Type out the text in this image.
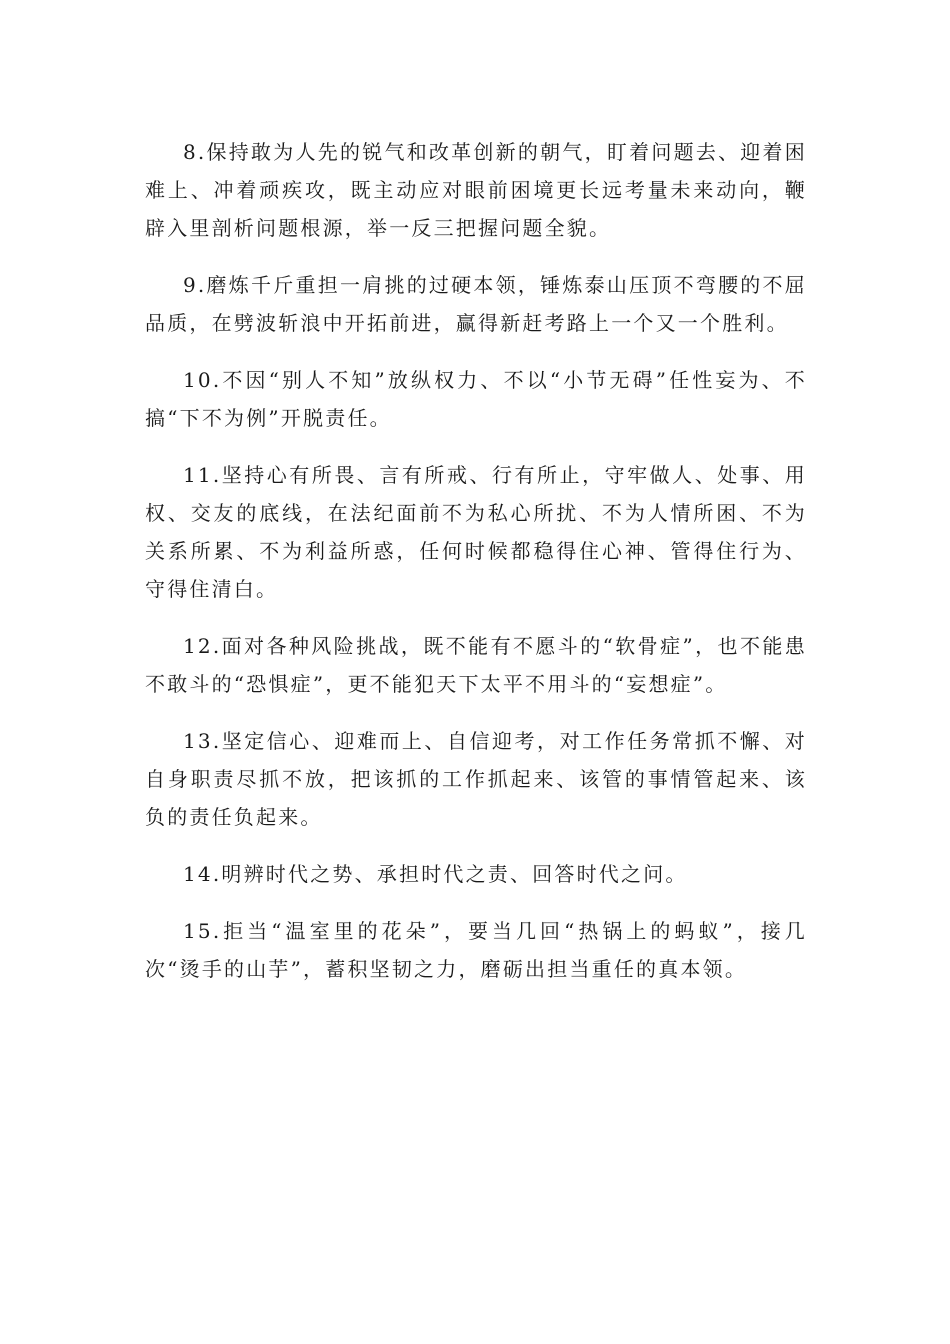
8.保持敢为人先的锐气和改革创新的朝气，盯着问题去、迎着困难上、冲着顽疾攻，既主动应对眼前困境更长远考量未来动向，鞭辟入里剖析问题根源，举一反三把握问题全貌。

9.磨炼千斤重担一肩挑的过硬本领，锤炼泰山压顶不弯腰的不屈品质，在劈波斩浪中开拓前进，赢得新赶考路上一个又一个胜利。

10.不因“别人不知”放纵权力、不以“小节无碍”任性妄为、不搞“下不为例”开脱责任。

11.坚持心有所畏、言有所戒、行有所止，守牢做人、处事、用权、交友的底线，在法纪面前不为私心所扰、不为人情所困、不为关系所累、不为利益所惑，任何时候都稳得住心神、管得住行为、守得住清白。

12.面对各种风险挑战，既不能有不愿斗的“软骨症”，也不能患不敢斗的“恐惧症”，更不能犯天下太平不用斗的“妄想症”。

13.坚定信心、迎难而上、自信迎考，对工作任务常抓不懈、对自身职责尽抓不放，把该抓的工作抓起来、该管的事情管起来、该负的责任负起来。

14.明辨时代之势、承担时代之责、回答时代之问。

15.拒当“温室里的花朵”，要当几回“热锅上的蚂蚁”，接几次“烫手的山芋”，蓄积坚韧之力，磨砺出担当重任的真本领。
